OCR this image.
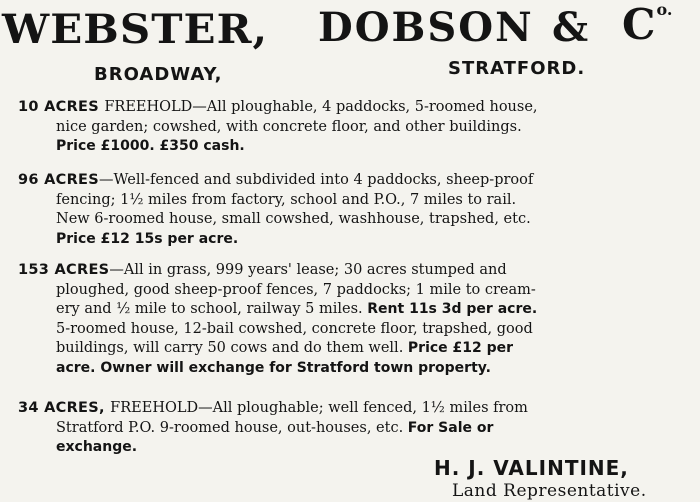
WEBSTER, DOBSON & $C^{o.}$
BROADWAY,	STRATFORD.
10 ACRES FREEHOLD—All ploughable, 4 paddocks, 5-roomed house,
nice garden; cowshed, with concrete floor, and other buildings.
Price £1000. £350 cash.
96 ACRES—Well-fenced and subdivided into 4 paddocks, sheep-proof
fencing; 1½ miles from factory, school and P.O., 7 miles to rail.
New 6-roomed house, small cowshed, washhouse, trapshed, etc.
Price £12 15s per acre.
153 ACRES—All in grass, 999 years' lease; 30 acres stumped and
ploughed, good sheep-proof fences, 7 paddocks; 1 mile to cream-
ery and ½ mile to school, railway 5 miles. Rent 11s 3d per acre.
5-roomed house, 12-bail cowshed, concrete floor, trapshed, good
buildings, will carry 50 cows and do them well. Price £12 per
acre. Owner will exchange for Stratford town property.
34 ACRES, FREEHOLD—All ploughable; well fenced, 1½ miles from
Stratford P.O. 9-roomed house, out-houses, etc. For Sale or
exchange.
H. J. VALINTINE,
Land Representative.
